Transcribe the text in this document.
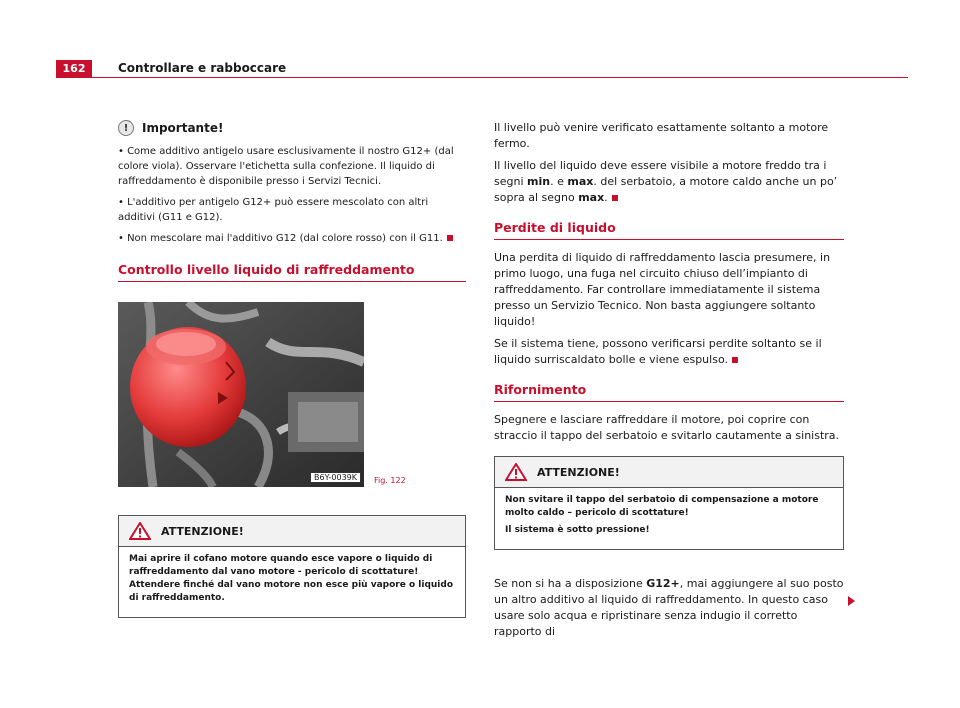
162	Controllare e rabboccare
!	Importante!

• Come additivo antigelo usare esclusivamente il nostro G12+ (dal colore viola). Osservare l'etichetta sulla confezione. Il liquido di raffreddamento è disponibile presso i Servizi Tecnici.

• L'additivo per antigelo G12+ può essere mescolato con altri additivi (G11 e G12).

• Non mescolare mai l'additivo G12 (dal colore rosso) con il G11.

Controllo livello liquido di raffreddamento
B6Y-0039K	Fig. 122
ATTENZIONE!

Mai aprire il cofano motore quando esce vapore o liquido di raffreddamento dal vano motore - pericolo di scottature! Attendere finché dal vano motore non esce più vapore o liquido di raffreddamento.

Il livello può venire verificato esattamente soltanto a motore fermo.

Il livello del liquido deve essere visibile a motore freddo tra i segni min. e max. del serbatoio, a motore caldo anche un po’ sopra al segno max.

Perdite di liquido

Una perdita di liquido di raffreddamento lascia presumere, in primo luogo, una fuga nel circuito chiuso dell’impianto di raffreddamento. Far controllare immediatamente il sistema presso un Servizio Tecnico. Non basta aggiungere soltanto liquido!

Se il sistema tiene, possono verificarsi perdite soltanto se il liquido surriscaldato bolle e viene espulso.

Rifornimento

Spegnere e lasciare raffreddare il motore, poi coprire con straccio il tappo del serbatoio e svitarlo cautamente a sinistra.

ATTENZIONE!

Non svitare il tappo del serbatoio di compensazione a motore molto caldo – pericolo di scottature!

Il sistema è sotto pressione!

Se non si ha a disposizione G12+, mai aggiungere al suo posto un altro additivo al liquido di raffreddamento. In questo caso usare solo acqua e ripristinare senza indugio il corretto rapporto di
